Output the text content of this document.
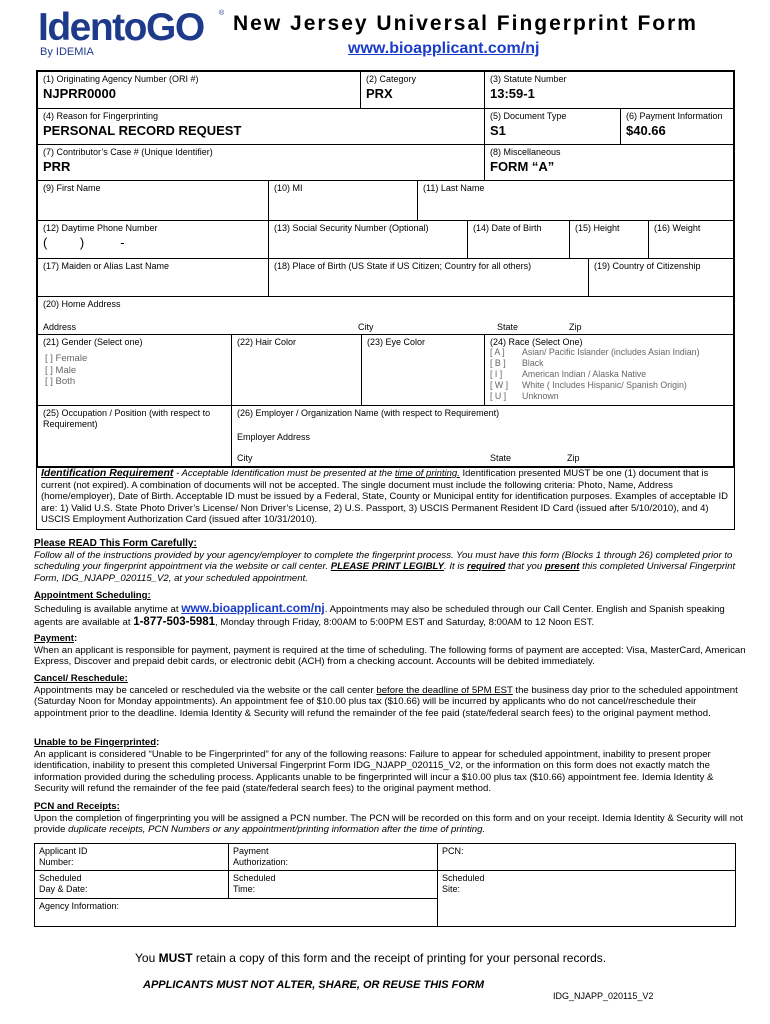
IdentoGO ®
By IDEMIA
New Jersey Universal Fingerprint Form
www.bioapplicant.com/nj
(1) Originating Agency Number (ORI #)
NJPRR0000
(2) Category
PRX
(3) Statute Number
13:59-1
(4) Reason for Fingerprinting
PERSONAL RECORD REQUEST
(5) Document Type
S1
(6) Payment Information
$40.66
(7) Contributor’s Case # (Unique Identifier)
PRR
(8) Miscellaneous
FORM “A”
(9) First Name	(10) MI	(11) Last Name
(12) Daytime Phone Number
(         )          -
(13) Social Security Number (Optional)	(14) Date of Birth	(15) Height	(16) Weight
(17) Maiden or Alias Last Name	(18) Place of Birth (US State if US Citizen; Country for all others)	(19) Country of Citizenship
(20) Home Address
Address	City	State	Zip
(21) Gender (Select one)
[ ] Female
[ ] Male
[ ] Both
(22) Hair Color	(23) Eye Color	(24) Race (Select One)
[ A ] Asian/ Pacific Islander (includes Asian Indian)
[ B ] Black
[ I ] American Indian / Alaska Native
[ W ] White ( Includes Hispanic/ Spanish Origin)
[ U ] Unknown
(25) Occupation / Position (with respect to Requirement)
(26) Employer / Organization Name (with respect to Requirement)
Employer Address
City	State	Zip
Identification Requirement - Acceptable Identification must be presented at the time of printing. Identification presented MUST be one (1) document that is current (not expired). A combination of documents will not be accepted. The single document must include the following criteria: Photo, Name, Address (home/employer), Date of Birth. Acceptable ID must be issued by a Federal, State, County or Municipal entity for identification purposes. Examples of acceptable ID are: 1) Valid U.S. State Photo Driver’s License/ Non Driver’s License, 2) U.S. Passport, 3) USCIS Permanent Resident ID Card (issued after 5/10/2010), and 4) USCIS Employment Authorization Card (issued after 10/31/2010).
Please READ This Form Carefully:
Follow all of the instructions provided by your agency/employer to complete the fingerprint process. You must have this form (Blocks 1 through 26) completed prior to scheduling your fingerprint appointment via the website or call center. PLEASE PRINT LEGIBLY. It is required that you present this completed Universal Fingerprint Form, IDG_NJAPP_020115_V2, at your scheduled appointment.
Appointment Scheduling:
Scheduling is available anytime at www.bioapplicant.com/nj. Appointments may also be scheduled through our Call Center. English and Spanish speaking agents are available at 1-877-503-5981, Monday through Friday, 8:00AM to 5:00PM EST and Saturday, 8:00AM to 12 Noon EST.
Payment:
When an applicant is responsible for payment, payment is required at the time of scheduling. The following forms of payment are accepted: Visa, MasterCard, American Express, Discover and prepaid debit cards, or electronic debit (ACH) from a checking account. Accounts will be debited immediately.
Cancel/ Reschedule:
Appointments may be canceled or rescheduled via the website or the call center before the deadline of 5PM EST the business day prior to the scheduled appointment (Saturday Noon for Monday appointments). An appointment fee of $10.00 plus tax ($10.66) will be incurred by applicants who do not cancel/reschedule their appointment prior to the deadline. Idemia Identity & Security will refund the remainder of the fee paid (state/federal search fees) to the original payment method.
Unable to be Fingerprinted:
An applicant is considered “Unable to be Fingerprinted” for any of the following reasons: Failure to appear for scheduled appointment, inability to present proper identification, inability to present this completed Universal Fingerprint Form IDG_NJAPP_020115_V2, or the information on this form does not exactly match the information provided during the scheduling process. Applicants unable to be fingerprinted will incur a $10.00 plus tax ($10.66) appointment fee. Idemia Identity & Security will refund the remainder of the fee paid (state/federal search fees) to the original payment method.
PCN and Receipts:
Upon the completion of fingerprinting you will be assigned a PCN number. The PCN will be recorded on this form and on your receipt. Idemia Identity & Security will not provide duplicate receipts, PCN Numbers or any appointment/printing information after the time of printing.
Applicant ID
Number:
Payment
Authorization:
PCN:
Scheduled
Day & Date:
Scheduled
Time:
Scheduled
Site:
Agency Information:
You MUST retain a copy of this form and the receipt of printing for your personal records.
APPLICANTS MUST NOT ALTER, SHARE, OR REUSE THIS FORM
IDG_NJAPP_020115_V2
